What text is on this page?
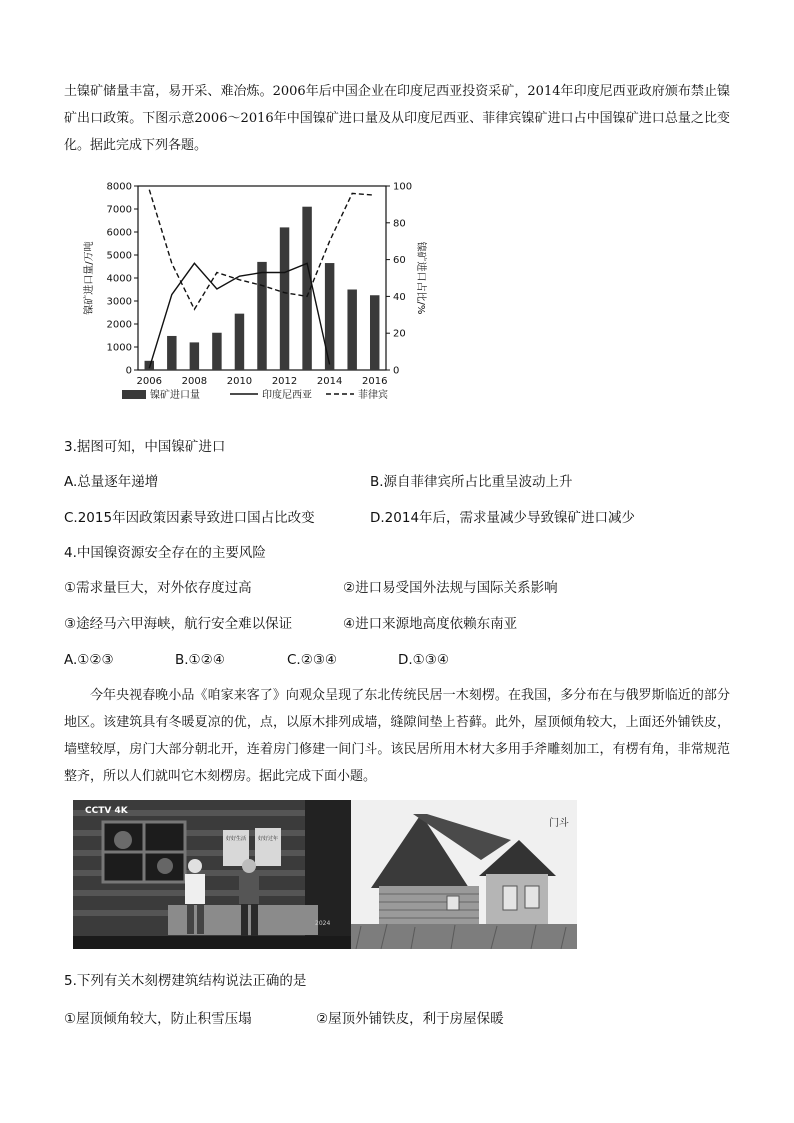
土镍矿储量丰富，易开采、难冶炼。2006年后中国企业在印度尼西亚投资采矿，2014年印度尼西亚政府颁布禁止镍矿出口政策。下图示意2006～2016年中国镍矿进口量及从印度尼西亚、菲律宾镍矿进口占中国镍矿进口总量之比变化。据此完成下列各题。

0
1000
2000
3000
4000
5000
6000
7000
8000
0
20
40
60
80
100
2006 2008 2010 2012 2014 2016
镍矿进口量/万吨	镍矿进口占比/%
镍矿进口量	印度尼西亚	菲律宾
3.据图可知，中国镍矿进口
A.总量逐年递增	B.源自菲律宾所占比重呈波动上升
C.2015年因政策因素导致进口国占比改变	D.2014年后，需求量减少导致镍矿进口减少
4.中国镍资源安全存在的主要风险
①需求量巨大，对外依存度过高	②进口易受国外法规与国际关系影响
③途经马六甲海峡，航行安全难以保证	④进口来源地高度依赖东南亚
A.①②③	B.①②④	C.②③④	D.①③④

今年央视春晚小品《咱家来客了》向观众呈现了东北传统民居一木刻楞。在我国，多分布在与俄罗斯临近的部分地区。该建筑具有冬暖夏凉的优，点，以原木排列成墙，缝隙间垫上苔藓。此外，屋顶倾角较大，上面还外铺铁皮，墙壁较厚，房门大部分朝北开，连着房门修建一间门斗。该民居所用木材大多用手斧雕刻加工，有楞有角，非常规范整齐，所以人们就叫它木刻楞房。据此完成下面小题。

CCTV 4K
好好生活	好好过年
2024
门斗
5.下列有关木刻楞建筑结构说法正确的是
①屋顶倾角较大，防止积雪压塌	②屋顶外铺铁皮，利于房屋保暖
